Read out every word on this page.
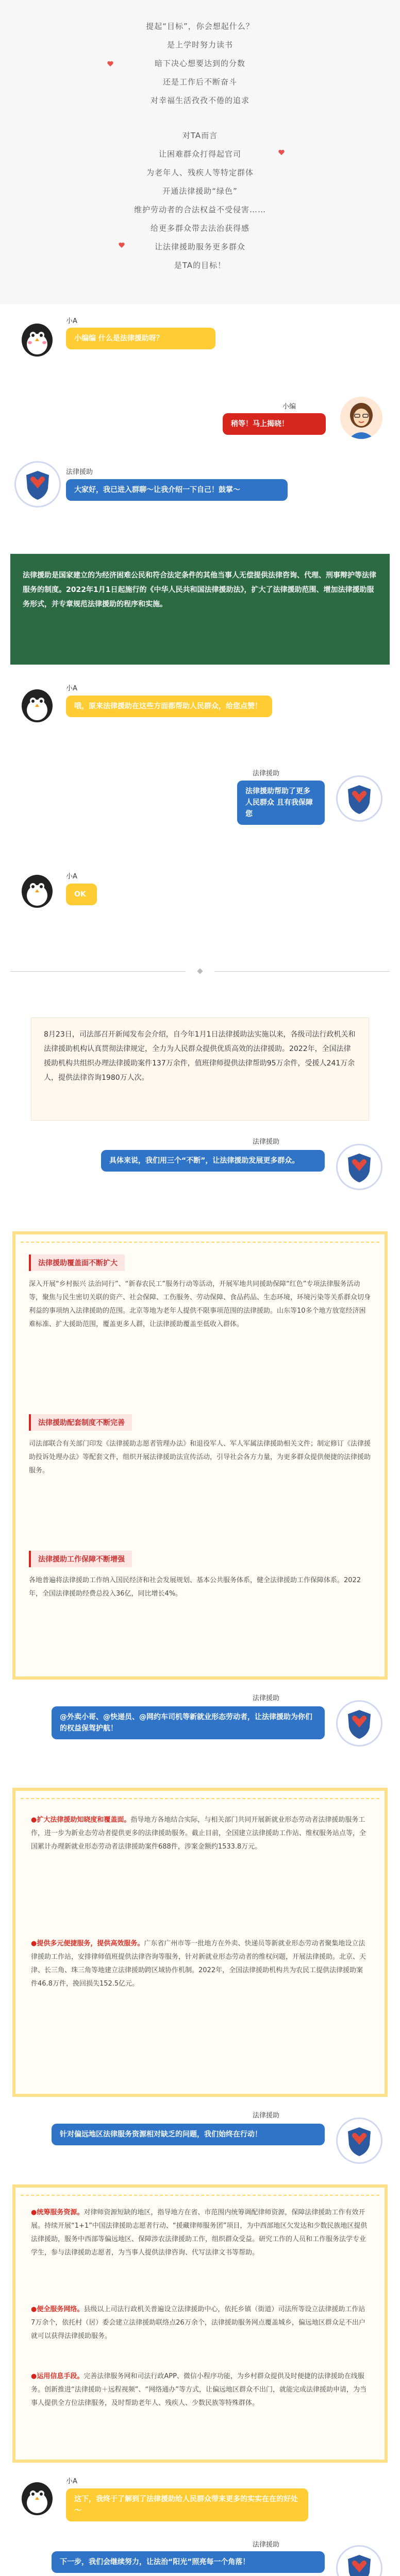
提起“目标”，你会想起什么？
是上学时努力读书
暗下决心想要达到的分数
还是工作后不断奋斗
对幸福生活孜孜不倦的追求
对TA而言
让困难群众打得起官司
为老年人、残疾人等特定群体
开通法律援助“绿色”
维护劳动者的合法权益不受侵害……
给更多群众带去法治获得感
让法律援助服务更多群众
是TA的目标！
小A
小编编 什么是法律援助呀？
小编
稍等！马上揭晓！
法律援助
大家好，我已进入群聊～让我介绍一下自己！鼓掌～
法律援助是国家建立的为经济困难公民和符合法定条件的其他当事人无偿提供法律咨询、代理、刑事辩护等法律服务的制度。2022年1月1日起施行的《中华人民共和国法律援助法》，扩大了法律援助范围、增加法律援助服务形式，并专章规范法律援助的程序和实施。
小A
哦，原来法律援助在这些方面都帮助人民群众，给您点赞！
法律援助
法律援助帮助了更多人民群众 且有我保障您
小A
OK
8月23日，司法部召开新闻发布会介绍，自今年1月1日法律援助法实施以来，各级司法行政机关和法律援助机构认真贯彻法律规定，全力为人民群众提供优质高效的法律援助。2022年，全国法律援助机构共组织办理法律援助案件137万余件，值班律师提供法律帮助95万余件，受援人241万余人，提供法律咨询1980万人次。
法律援助
具体来说，我们用三个“不断”，让法律援助发展更多群众。
法律援助覆盖面不断扩大
深入开展“乡村振兴 法治同行”、“新春农民工”服务行动等活动，开展军地共同援助保障“红色”专项法律服务活动等，聚焦与民生密切关联的资产、社会保障、工伤服务、劳动保障、食品药品、生态环境，环境污染等关系群众切身利益的事项纳入法律援助的范围。北京等地为老年人提供不限事项范围的法律援助。山东等10多个地方放宽经济困难标准、扩大援助范围，覆盖更多人群，让法律援助覆盖至低收入群体。
法律援助配套制度不断完善
司法部联合有关部门印发《法律援助志愿者管理办法》和退役军人、军人军属法律援助相关文件；制定修订《法律援助投诉处理办法》等配套文件，组织开展法律援助法宣传活动，引导社会各方力量，为更多群众提供便捷的法律援助服务。
法律援助工作保障不断增强
各地普遍将法律援助工作纳入国民经济和社会发展规划、基本公共服务体系，健全法律援助工作保障体系。2022年，全国法律援助经费总投入36亿，同比增长4%。
法律援助
@外卖小哥、@快递员、@网约车司机等新就业形态劳动者，让法律援助为你们的权益保驾护航！
●扩大法律援助知晓度和覆盖面。指导地方各地结合实际，与相关部门共同开展新就业形态劳动者法律援助服务工作，进一步为新业态劳动者提供更多的法律援助服务。截止目前，全国建立法律援助工作站、维权服务站点等，全国累计办理新就业形态劳动者法律援助案件688件，涉案金额约1533.8万元。
●提供多元便捷服务，提供高效服务。广东省广州市等一批地方在外卖、快递员等新就业形态劳动者聚集地设立法律援助工作站，安排律师值班提供法律咨询等服务，针对新就业形态劳动者的维权问题，开展法律援助。北京、天津、长三角、珠三角等地建立法律援助跨区域协作机制。2022年，全国法律援助机构共为农民工提供法律援助案件46.8万件，挽回损失152.5亿元。
法律援助
针对偏远地区法律服务资源相对缺乏的问题，我们始终在行动！
●统筹服务资源。对律师资源短缺的地区，指导地方在省、市范围内统筹调配律师资源，保障法律援助工作有效开展。持续开展“1+1”中国法律援助志愿者行动、“援藏律师服务团”项目，为中西部地区欠发达和少数民族地区提供法律援助，服务中西部等偏远地区、保障涉农法律援助工作，组织群众受益。研究工作的人员和工作服务法学专业学生，参与法律援助志愿者，为当事人提供法律咨询、代写法律文书等帮助。
●便全服务网络。县级以上司法行政机关普遍设立法律援助中心，依托乡镇（街道）司法所等设立法律援助工作站7万余个，依托村（居）委会建立法律援助联络点26万余个，法律援助服务网点覆盖城乡，偏远地区群众足不出户就可以获得法律援助服务。
●运用信息手段。完善法律服务网和司法行政APP、微信小程序功能，为乡村群众提供及时便捷的法律援助在线服务。创新推进“法律援助＋远程视频”、“网络通办”等方式，让偏远地区群众不出门，就能完成法律援助申请，为当事人提供全方位法律服务，及时帮助老年人、残疾人、少数民族等特殊群体。
小A
这下，我终于了解到了法律援助给人民群众带来更多的实实在在的好处～
法律援助
下一步，我们会继续努力，让法治“阳光”照亮每一个角落！
